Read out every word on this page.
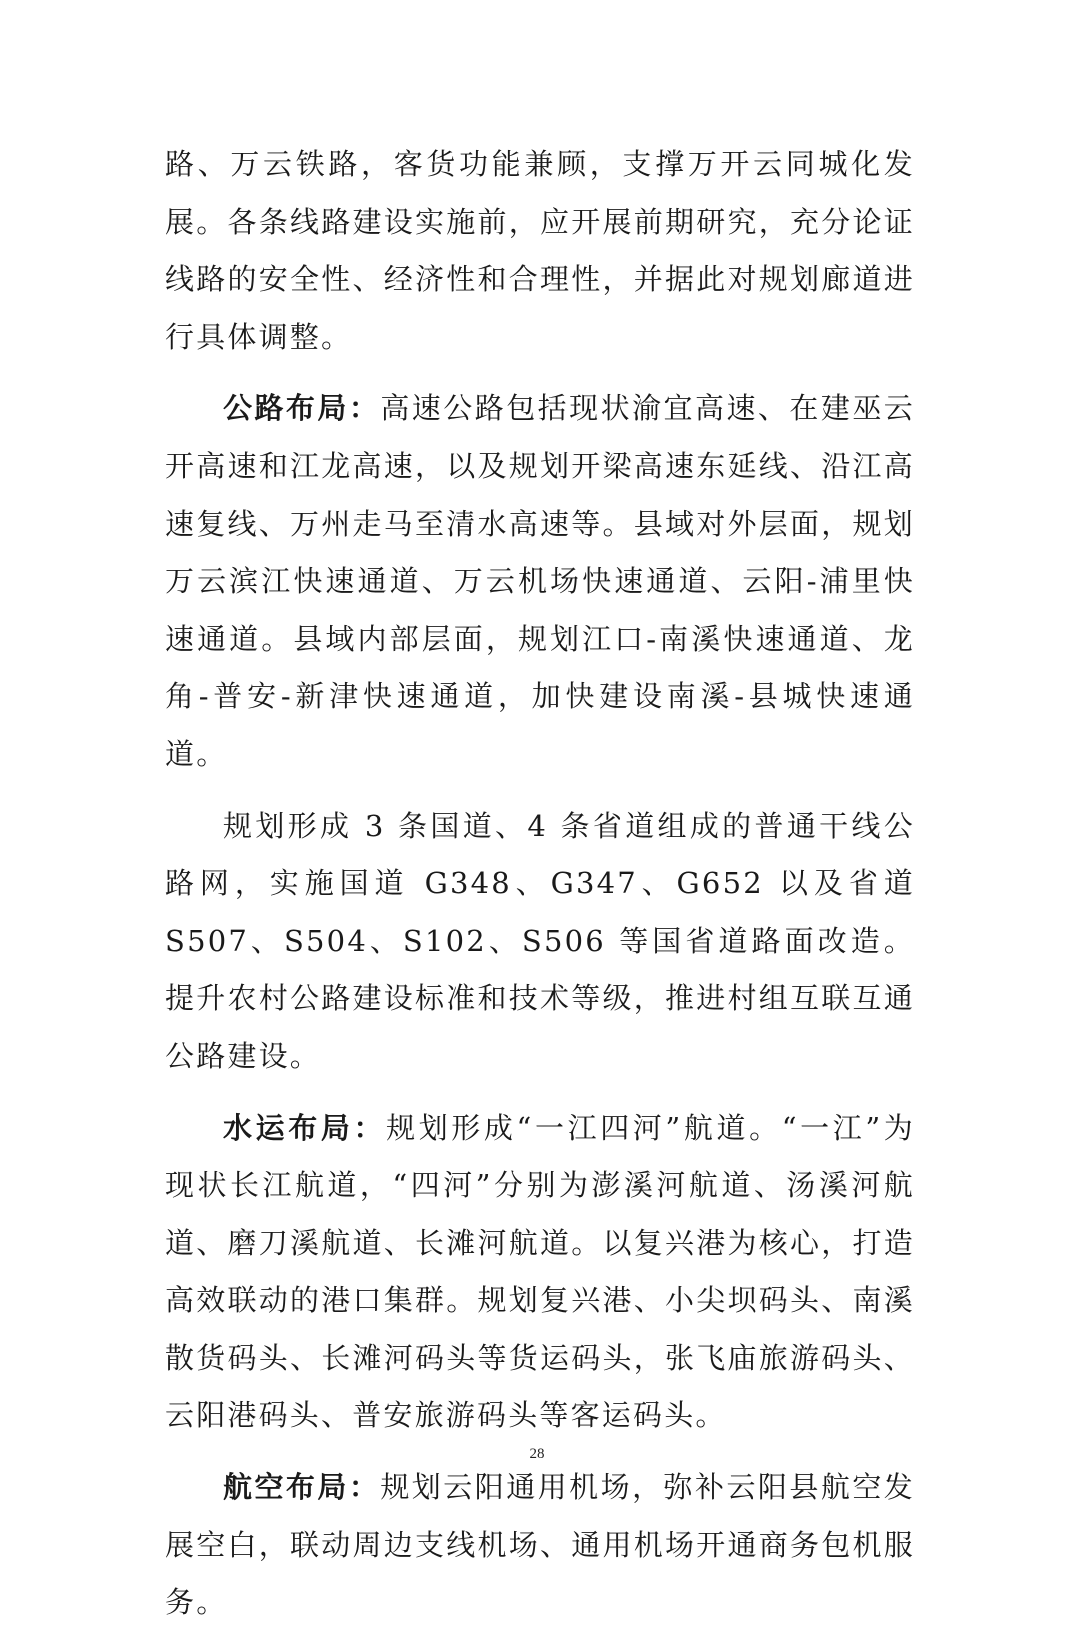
路、万云铁路，客货功能兼顾，支撑万开云同城化发展。各条线路建设实施前，应开展前期研究，充分论证线路的安全性、经济性和合理性，并据此对规划廊道进行具体调整。

公路布局：高速公路包括现状渝宜高速、在建巫云开高速和江龙高速，以及规划开梁高速东延线、沿江高速复线、万州走马至清水高速等。县域对外层面，规划万云滨江快速通道、万云机场快速通道、云阳-浦里快速通道。县域内部层面，规划江口-南溪快速通道、龙角-普安-新津快速通道，加快建设南溪-县城快速通道。

规划形成 3 条国道、4 条省道组成的普通干线公路网，实施国道 G348、G347、G652 以及省道 S507、S504、S102、S506 等国省道路面改造。提升农村公路建设标准和技术等级，推进村组互联互通公路建设。

水运布局：规划形成“一江四河”航道。“一江”为现状长江航道，“四河”分别为澎溪河航道、汤溪河航道、磨刀溪航道、长滩河航道。以复兴港为核心，打造高效联动的港口集群。规划复兴港、小尖坝码头、南溪散货码头、长滩河码头等货运码头，张飞庙旅游码头、云阳港码头、普安旅游码头等客运码头。

航空布局：规划云阳通用机场，弥补云阳县航空发展空白，联动周边支线机场、通用机场开通商务包机服务。

28
